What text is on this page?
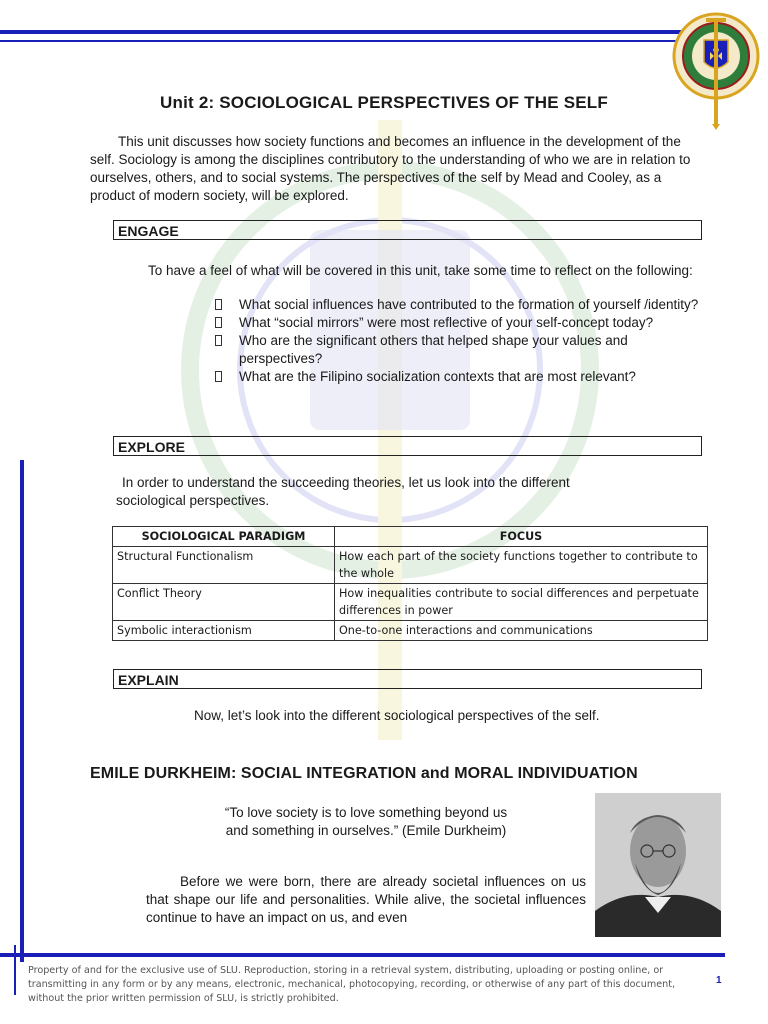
Unit 2: SOCIOLOGICAL PERSPECTIVES OF THE SELF
This unit discusses how society functions and becomes an influence in the development of the self. Sociology is among the disciplines contributory to the understanding of who we are in relation to ourselves, others, and to social systems. The perspectives of the self by Mead and Cooley, as a product of modern society, will be explored.
ENGAGE
To have a feel of what will be covered in this unit, take some time to reflect on the following:
What social influences have contributed to the formation of yourself /identity?
What “social mirrors” were most reflective of your self-concept today?
Who are the significant others that helped shape your values and perspectives?
What are the Filipino socialization contexts that are most relevant?
EXPLORE
In order to understand the succeeding theories, let us look into the different sociological perspectives.
SOCIOLOGICAL PARADIGM	FOCUS
Structural Functionalism	How each part of the society functions together to contribute to the whole
Conflict Theory	How inequalities contribute to social differences and perpetuate differences in power
Symbolic interactionism	One-to-one interactions and communications
EXPLAIN
Now, let’s look into the different sociological perspectives of the self.
EMILE DURKHEIM: SOCIAL INTEGRATION and MORAL INDIVIDUATION
“To love society is to love something beyond us
and something in ourselves.” (Emile Durkheim)
Before we were born, there are already societal influences on us that shape our life and personalities. While alive, the societal influences continue to have an impact on us, and even
Property of and for the exclusive use of SLU. Reproduction, storing in a retrieval system, distributing, uploading or posting online, or transmitting in any form or by any means, electronic, mechanical, photocopying, recording, or otherwise of any part of this document, without the prior written permission of SLU, is strictly prohibited.
1
